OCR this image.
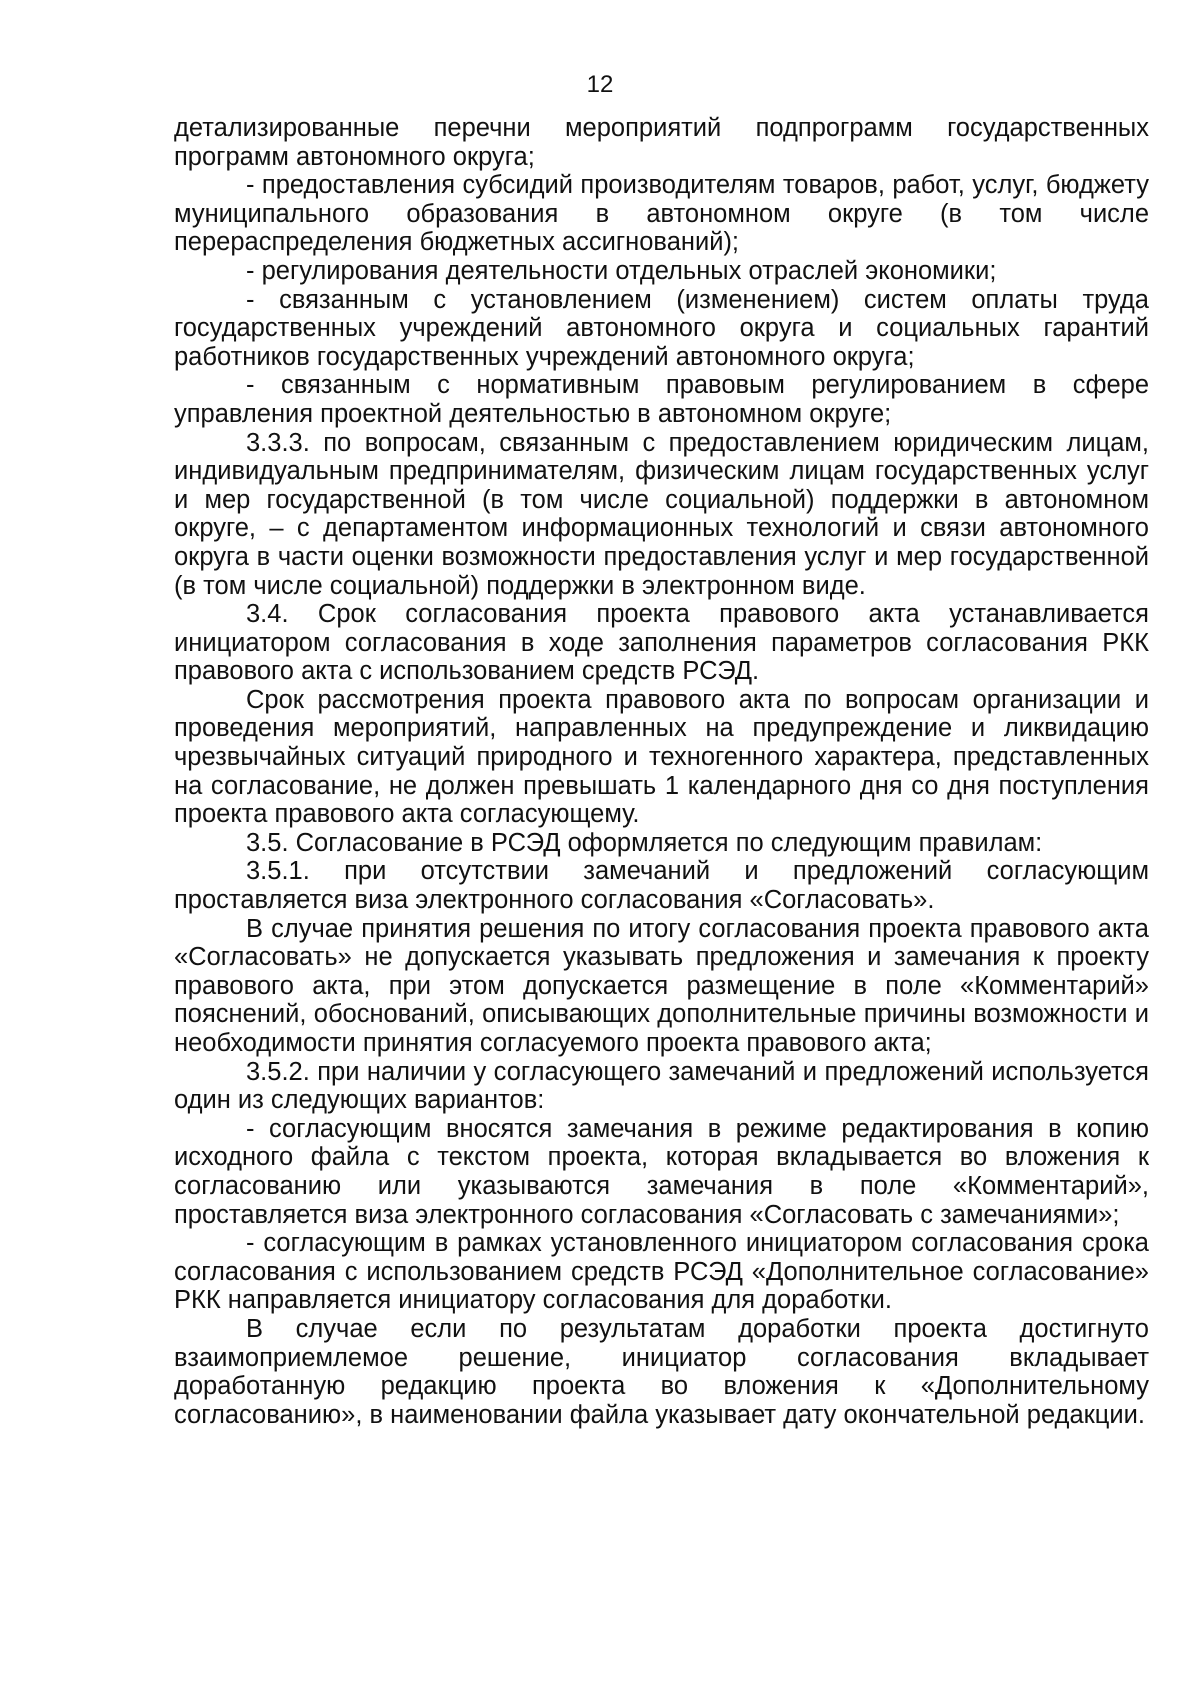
12

детализированные перечни мероприятий подпрограмм государственных программ автономного округа;

- предоставления субсидий производителям товаров, работ, услуг, бюджету муниципального образования в автономном округе (в том числе перераспределения бюджетных ассигнований);

- регулирования деятельности отдельных отраслей экономики;

- связанным с установлением (изменением) систем оплаты труда государственных учреждений автономного округа и социальных гарантий работников государственных учреждений автономного округа;

- связанным с нормативным правовым регулированием в сфере управления проектной деятельностью в автономном округе;

3.3.3. по вопросам, связанным с предоставлением юридическим лицам, индивидуальным предпринимателям, физическим лицам государственных услуг и мер государственной (в том числе социальной) поддержки в автономном округе, – с департаментом информационных технологий и связи автономного округа в части оценки возможности предоставления услуг и мер государственной (в том числе социальной) поддержки в электронном виде.

3.4. Срок согласования проекта правового акта устанавливается инициатором согласования в ходе заполнения параметров согласования РКК правового акта с использованием средств РСЭД.

Срок рассмотрения проекта правового акта по вопросам организации и проведения мероприятий, направленных на предупреждение и ликвидацию чрезвычайных ситуаций природного и техногенного характера, представленных на согласование, не должен превышать 1 календарного дня со дня поступления проекта правового акта согласующему.

3.5. Согласование в РСЭД оформляется по следующим правилам:

3.5.1. при отсутствии замечаний и предложений согласующим проставляется виза электронного согласования «Согласовать».

В случае принятия решения по итогу согласования проекта правового акта «Согласовать» не допускается указывать предложения и замечания к проекту правового акта, при этом допускается размещение в поле «Комментарий» пояснений, обоснований, описывающих дополнительные причины возможности и необходимости принятия согласуемого проекта правового акта;

3.5.2. при наличии у согласующего замечаний и предложений используется один из следующих вариантов:

- согласующим вносятся замечания в режиме редактирования в копию исходного файла с текстом проекта, которая вкладывается во вложения к согласованию или указываются замечания в поле «Комментарий», проставляется виза электронного согласования «Согласовать с замечаниями»;

- согласующим в рамках установленного инициатором согласования срока согласования с использованием средств РСЭД «Дополнительное согласование» РКК направляется инициатору согласования для доработки.

В случае если по результатам доработки проекта достигнуто взаимоприемлемое решение, инициатор согласования вкладывает доработанную редакцию проекта во вложения к «Дополнительному согласованию», в наименовании файла указывает дату окончательной редакции.
